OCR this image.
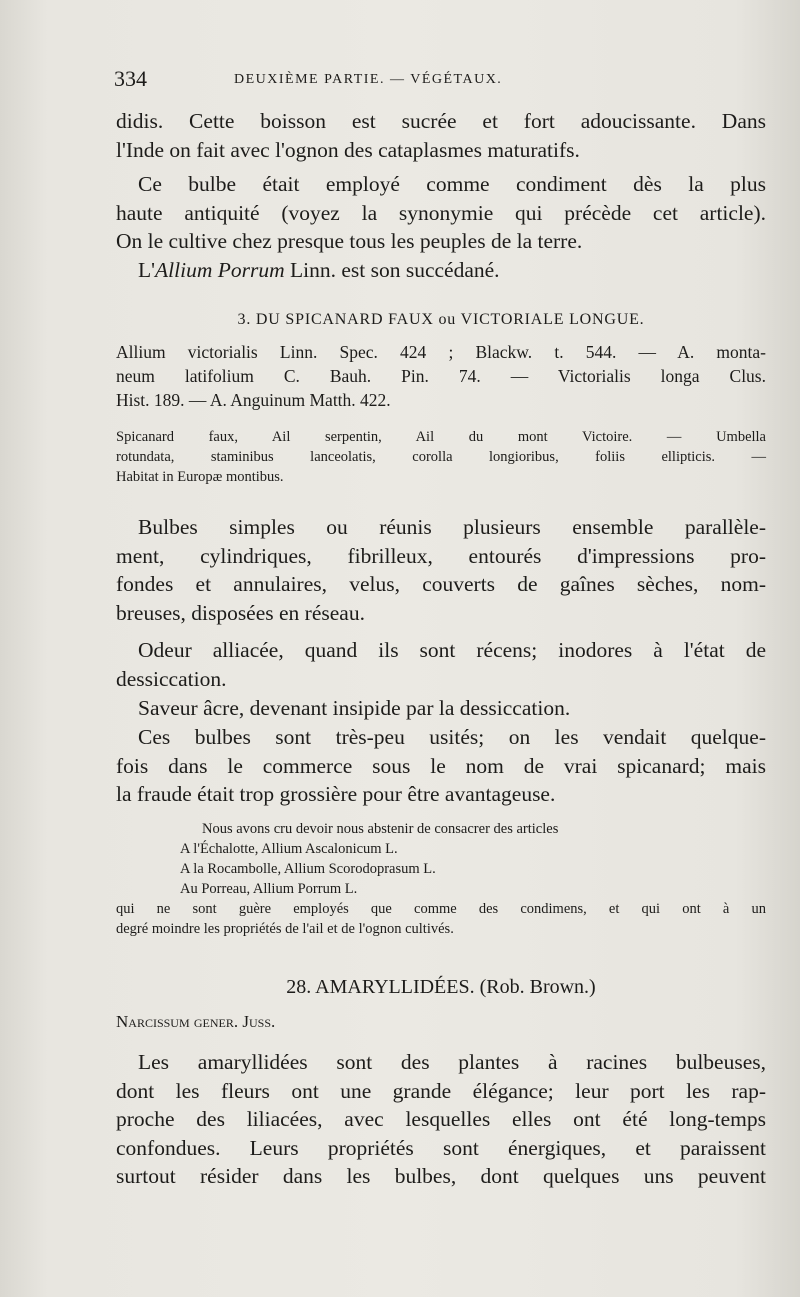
334	DEUXIÈME PARTIE. — VÉGÉTAUX.
didis. Cette boisson est sucrée et fort adoucissante. Dans
l'Inde on fait avec l'ognon des cataplasmes maturatifs.
Ce bulbe était employé comme condiment dès la plus
haute antiquité (voyez la synonymie qui précède cet article).
On le cultive chez presque tous les peuples de la terre.
L'Allium Porrum Linn. est son succédané.
3. DU SPICANARD FAUX ou VICTORIALE LONGUE.
Allium victorialis Linn. Spec. 424 ; Blackw. t. 544. — A. monta-
neum latifolium C. Bauh. Pin. 74. — Victorialis longa Clus.
Hist. 189. — A. Anguinum Matth. 422.
Spicanard faux, Ail serpentin, Ail du mont Victoire. — Umbella
rotundata, staminibus lanceolatis, corolla longioribus, foliis ellipticis. —
Habitat in Europæ montibus.
Bulbes simples ou réunis plusieurs ensemble parallèle-
ment, cylindriques, fibrilleux, entourés d'impressions pro-
fondes et annulaires, velus, couverts de gaînes sèches, nom-
breuses, disposées en réseau.
Odeur alliacée, quand ils sont récens; inodores à l'état de
dessiccation.
Saveur âcre, devenant insipide par la dessiccation.
Ces bulbes sont très-peu usités; on les vendait quelque-
fois dans le commerce sous le nom de vrai spicanard; mais
la fraude était trop grossière pour être avantageuse.
Nous avons cru devoir nous abstenir de consacrer des articles
A l'Échalotte, Allium Ascalonicum L.
A la Rocambolle, Allium Scorodoprasum L.
Au Porreau, Allium Porrum L.
qui ne sont guère employés que comme des condimens, et qui ont à un
degré moindre les propriétés de l'ail et de l'ognon cultivés.
28. AMARYLLIDÉES. (Rob. Brown.)
Narcissum gener. Juss.
Les amaryllidées sont des plantes à racines bulbeuses,
dont les fleurs ont une grande élégance; leur port les rap-
proche des liliacées, avec lesquelles elles ont été long-temps
confondues. Leurs propriétés sont énergiques, et paraissent
surtout résider dans les bulbes, dont quelques uns peuvent
